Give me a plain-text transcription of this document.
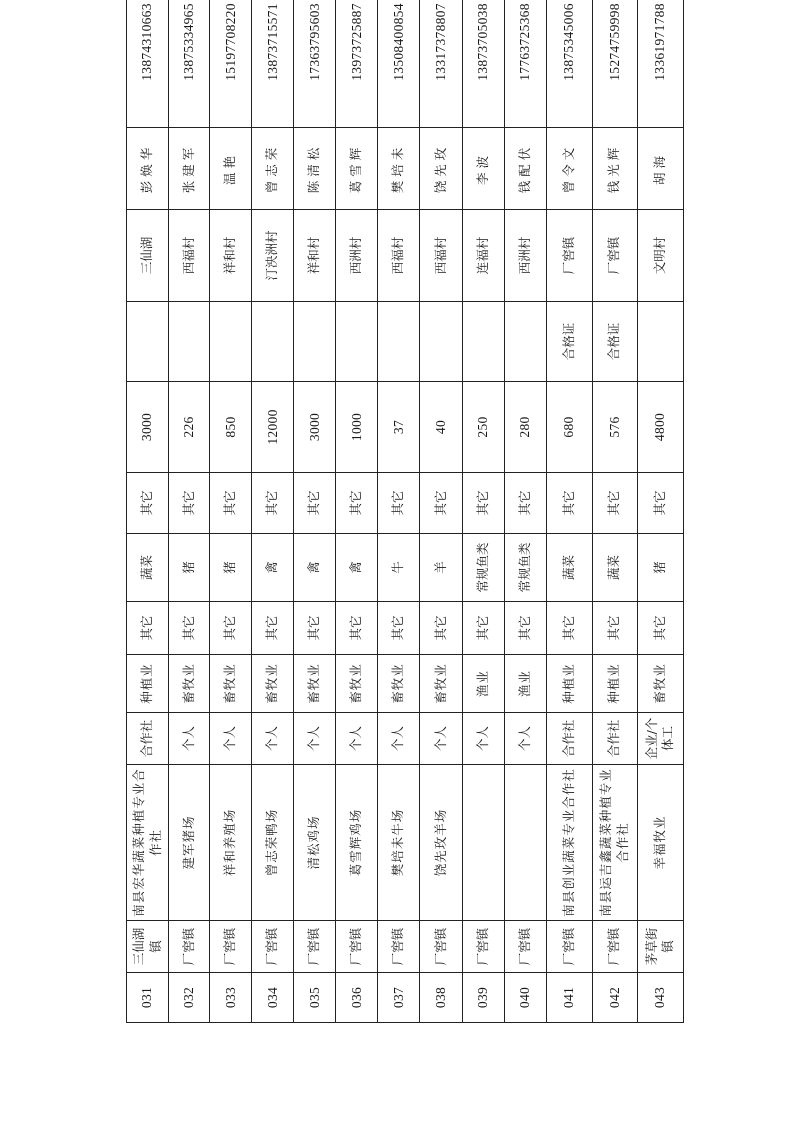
031	三仙湖镇	南县宏华蔬菜种植专业合作社	合作社	种植业	其它	蔬菜	其它	3000		三仙湖	彭焕华	13874310663
032	厂窖镇	建军猪场	个人	畜牧业	其它	猪	其它	226		西福村	张建军	13875334965
033	厂窖镇	祥和养殖场	个人	畜牧业	其它	猪	其它	850		祥和村	温艳	15197708220
034	厂窖镇	曾志荣鸭场	个人	畜牧业	其它	禽	其它	12000		汀泱洲村	曾志荣	13873715571
035	厂窖镇	清松鸡场	个人	畜牧业	其它	禽	其它	3000		祥和村	陈清松	17363795603
036	厂窖镇	葛雪辉鸡场	个人	畜牧业	其它	禽	其它	1000		西洲村	葛雪辉	13973725887
037	厂窖镇	樊培未牛场	个人	畜牧业	其它	牛	其它	37		西福村	樊培未	13508400854
038	厂窖镇	饶先玫羊场	个人	畜牧业	其它	羊	其它	40		西福村	饶先玫	13317378807
039	厂窖镇		个人	渔业	其它	常规鱼类	其它	250		连福村	李波	13873705038
040	厂窖镇		个人	渔业	其它	常规鱼类	其它	280		西洲村	钱配伏	17763725368
041	厂窖镇	南县创业蔬菜专业合作社	合作社	种植业	其它	蔬菜	其它	680	合格证	厂窖镇	曾令文	13875345006
042	厂窖镇	南县运吉鑫蔬菜种植专业合作社	合作社	种植业	其它	蔬菜	其它	576	合格证	厂窖镇	钱光辉	15274759998
043	茅草街镇	幸福牧业	企业/个体工	畜牧业	其它	猪	其它	4800		文明村	胡海	13361971788
